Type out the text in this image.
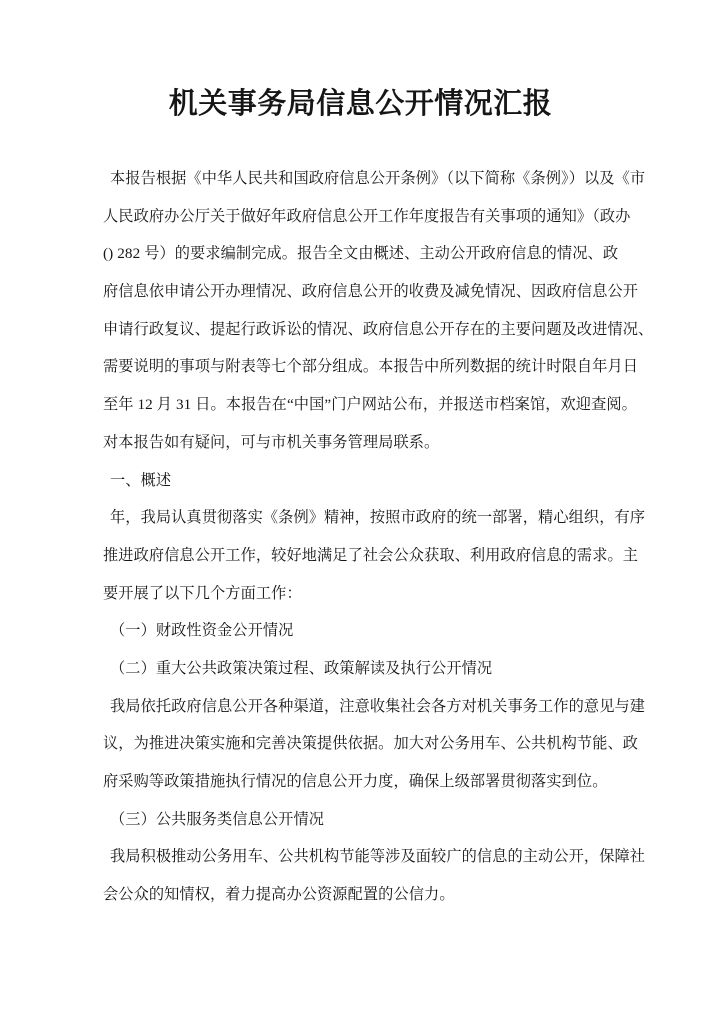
机关事务局信息公开情况汇报
本报告根据《中华人民共和国政府信息公开条例》（以下简称《条例》）以及《市
人民政府办公厅关于做好年政府信息公开工作年度报告有关事项的通知》（政办
() 282 号）的要求编制完成。报告全文由概述、主动公开政府信息的情况、政
府信息依申请公开办理情况、政府信息公开的收费及减免情况、因政府信息公开
申请行政复议、提起行政诉讼的情况、政府信息公开存在的主要问题及改进情况、
需要说明的事项与附表等七个部分组成。本报告中所列数据的统计时限自年月日
至年 12 月 31 日。本报告在“中国”门户网站公布，并报送市档案馆，欢迎查阅。
对本报告如有疑问，可与市机关事务管理局联系。
一、概述
年，我局认真贯彻落实《条例》精神，按照市政府的统一部署，精心组织，有序
推进政府信息公开工作，较好地满足了社会公众获取、利用政府信息的需求。主
要开展了以下几个方面工作：
（一）财政性资金公开情况
（二）重大公共政策决策过程、政策解读及执行公开情况
我局依托政府信息公开各种渠道，注意收集社会各方对机关事务工作的意见与建
议，为推进决策实施和完善决策提供依据。加大对公务用车、公共机构节能、政
府采购等政策措施执行情况的信息公开力度，确保上级部署贯彻落实到位。
（三）公共服务类信息公开情况
我局积极推动公务用车、公共机构节能等涉及面较广的信息的主动公开，保障社
会公众的知情权，着力提高办公资源配置的公信力。
